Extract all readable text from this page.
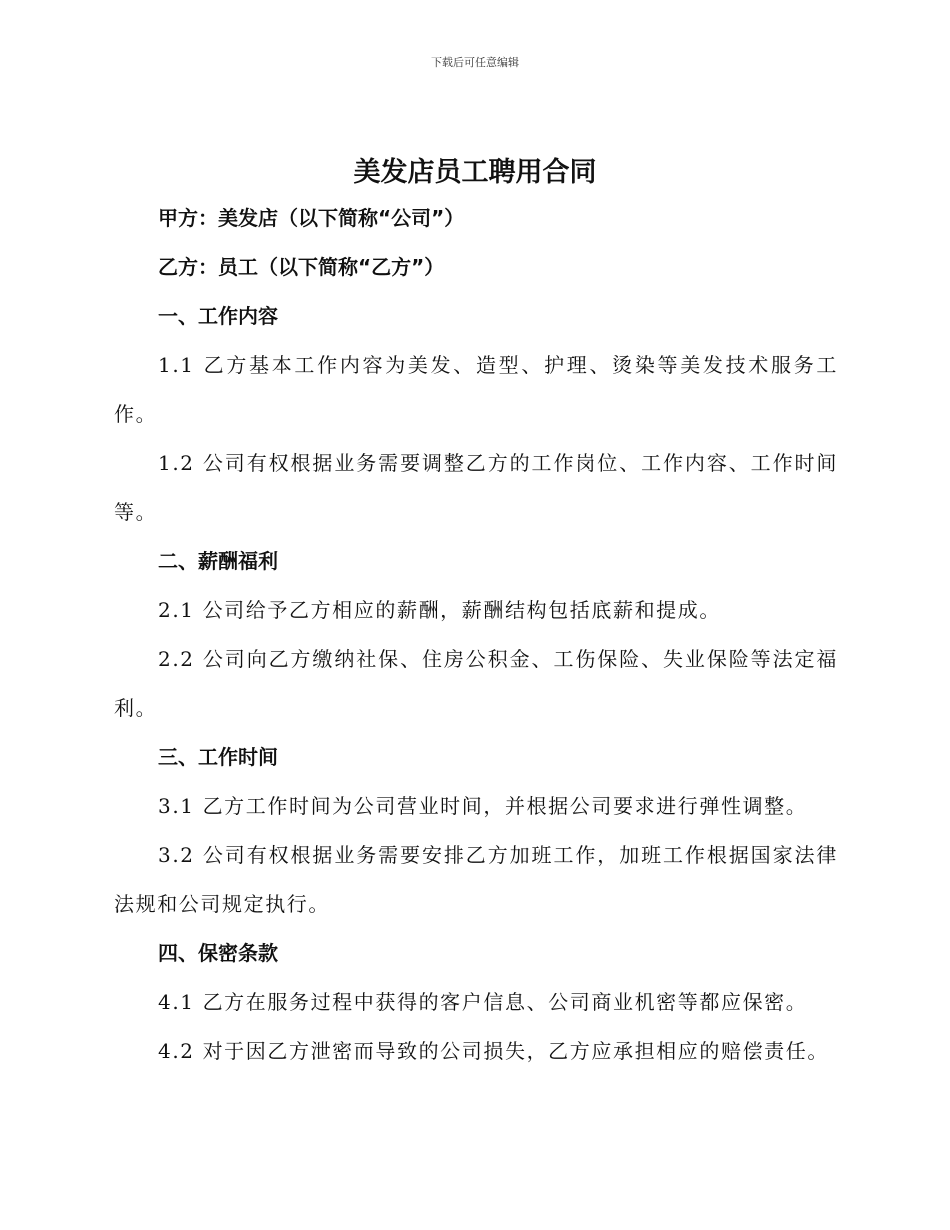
下载后可任意编辑
美发店员工聘用合同

甲方：美发店（以下简称“公司”）

乙方：员工（以下简称“乙方”）

一、工作内容

1.1 乙方基本工作内容为美发、造型、护理、烫染等美发技术服务工作。

1.2 公司有权根据业务需要调整乙方的工作岗位、工作内容、工作时间等。

二、薪酬福利

2.1 公司给予乙方相应的薪酬，薪酬结构包括底薪和提成。

2.2 公司向乙方缴纳社保、住房公积金、工伤保险、失业保险等法定福利。

三、工作时间

3.1 乙方工作时间为公司营业时间，并根据公司要求进行弹性调整。

3.2 公司有权根据业务需要安排乙方加班工作，加班工作根据国家法律法规和公司规定执行。

四、保密条款

4.1 乙方在服务过程中获得的客户信息、公司商业机密等都应保密。

4.2 对于因乙方泄密而导致的公司损失，乙方应承担相应的赔偿责任。
